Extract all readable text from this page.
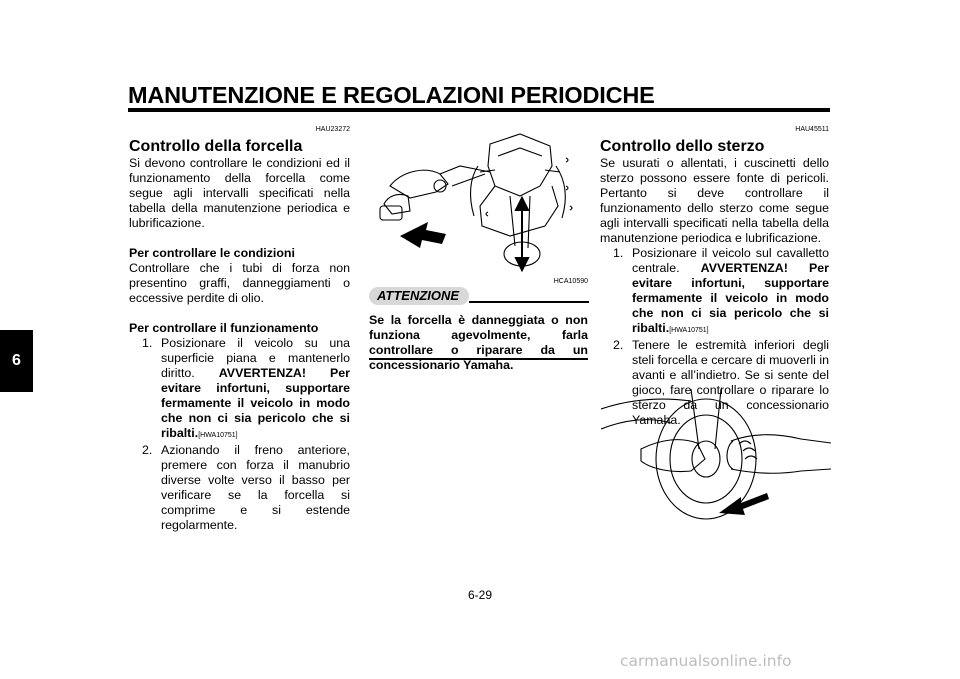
MANUTENZIONE E REGOLAZIONI PERIODICHE
6
HAU23272
Controllo della forcella
Si devono controllare le condizioni ed il funzionamento della forcella come segue agli intervalli specificati nella tabella della manutenzione periodica e lubrificazione.
Per controllare le condizioni
Controllare che i tubi di forza non presentino graffi, danneggiamenti o eccessive perdite di olio.
Per controllare il funzionamento
1. Posizionare il veicolo su una superficie piana e mantenerlo diritto. AVVERTENZA! Per evitare infortuni, supportare fermamente il veicolo in modo che non ci sia pericolo che si ribalti.[HWA10751]
2. Azionando il freno anteriore, premere con forza il manubrio diverse volte verso il basso per verificare se la forcella si comprime e si estende regolarmente.
HCA10590
ATTENZIONE
Se la forcella è danneggiata o non funziona agevolmente, farla controllare o riparare da un concessionario Yamaha.
HAU45511
Controllo dello sterzo
Se usurati o allentati, i cuscinetti dello sterzo possono essere fonte di pericoli. Pertanto si deve controllare il funzionamento dello sterzo come segue agli intervalli specificati nella tabella della manutenzione periodica e lubrificazione.
1. Posizionare il veicolo sul cavalletto centrale. AVVERTENZA! Per evitare infortuni, supportare fermamente il veicolo in modo che non ci sia pericolo che si ribalti.[HWA10751]
2. Tenere le estremità inferiori degli steli forcella e cercare di muoverli in avanti e all’indietro. Se si sente del gioco, fare controllare o riparare lo sterzo da un concessionario Yamaha.
6-29
carmanualsonline.info
